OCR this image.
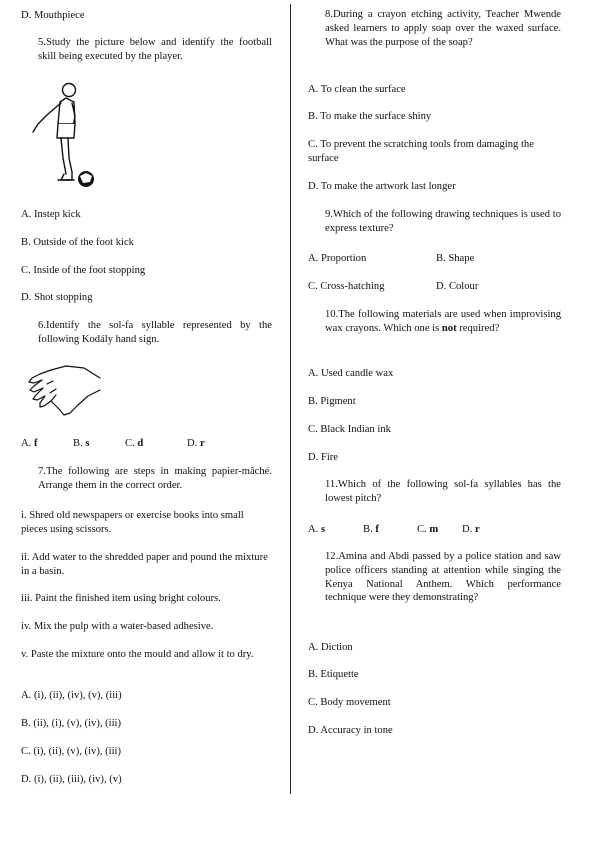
D. Mouthpiece

5.Study the picture below and identify the football skill being executed by the player.

A. Instep kick

B. Outside of the foot kick

C. Inside of the foot stopping

D. Shot stopping

6.Identify the sol-fa syllable represented by the following Kodály hand sign.

A. f	B. s	C. d	D. r

7.The following are steps in making papier-mâché. Arrange them in the correct order.

i. Shred old newspapers or exercise books into small pieces using scissors.

ii. Add water to the shredded paper and pound the mixture in a basin.

iii. Paint the finished item using bright colours.

iv. Mix the pulp with a water-based adhesive.

v. Paste the mixture onto the mould and allow it to dry.

A. (i), (ii), (iv), (v), (iii)

B. (ii), (i), (v), (iv), (iii)

C. (i), (ii), (v), (iv), (iii)

D. (i), (ii), (iii), (iv), (v)

8.During a crayon etching activity, Teacher Mwende asked learners to apply soap over the waxed surface. What was the purpose of the soap?

A. To clean the surface

B. To make the surface shiny

C. To prevent the scratching tools from damaging the surface

D. To make the artwork last longer

9.Which of the following drawing techniques is used to express texture?

A. Proportion	B. Shape
C. Cross-hatching	D. Colour

10.The following materials are used when improvising wax crayons. Which one is not required?

A. Used candle wax

B. Pigment

C. Black Indian ink

D. Fire

11.Which of the following sol-fa syllables has the lowest pitch?

A. s	B. f	C. m D. r

12.Amina and Abdi passed by a police station and saw police officers standing at attention while singing the Kenya National Anthem. Which performance technique were they demonstrating?

A. Diction

B. Etiquette

C. Body movement

D. Accuracy in tone
